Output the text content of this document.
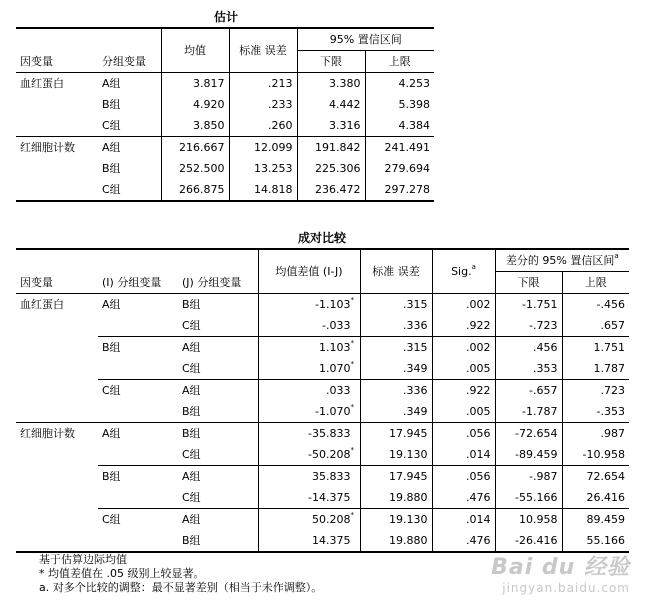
估计
因变量	分组变量	均值	标准 误差	95% 置信区间	
				下限	上限
血红蛋白	A组	3.817	.213	3.380	4.253
	B组	4.920	.233	4.442	5.398
	C组	3.850	.260	3.316	4.384
红细胞计数	A组	216.667	12.099	191.842	241.491
	B组	252.500	13.253	225.306	279.694
	C组	266.875	14.818	236.472	297.278
成对比较
因变量	(I) 分组变量	(J) 分组变量	均值差值 (I-J)	标准 误差	Sig.$^a$	差分的 95% 置信区间$^a$
						下限	上限
血红蛋白	A组	B组	-1.103*	.315	.002	-1.751	-.456
		C组	-.033	.336	.922	-.723	.657
	B组	A组	1.103*	.315	.002	.456	1.751
		C组	1.070*	.349	.005	.353	1.787
	C组	A组	.033	.336	.922	-.657	.723
		B组	-1.070*	.349	.005	-1.787	-.353
红细胞计数	A组	B组	-35.833	17.945	.056	-72.654	.987
		C组	-50.208*	19.130	.014	-89.459	-10.958
	B组	A组	35.833	17.945	.056	-.987	72.654
		C组	-14.375	19.880	.476	-55.166	26.416
	C组	A组	50.208*	19.130	.014	10.958	89.459
		B组	14.375	19.880	.476	-26.416	55.166
基于估算边际均值
* 均值差值在 .05 级别上较显著。
a. 对多个比较的调整：最不显著差别（相当于未作调整）。
Bai du 经验
jingyan.baidu.com
